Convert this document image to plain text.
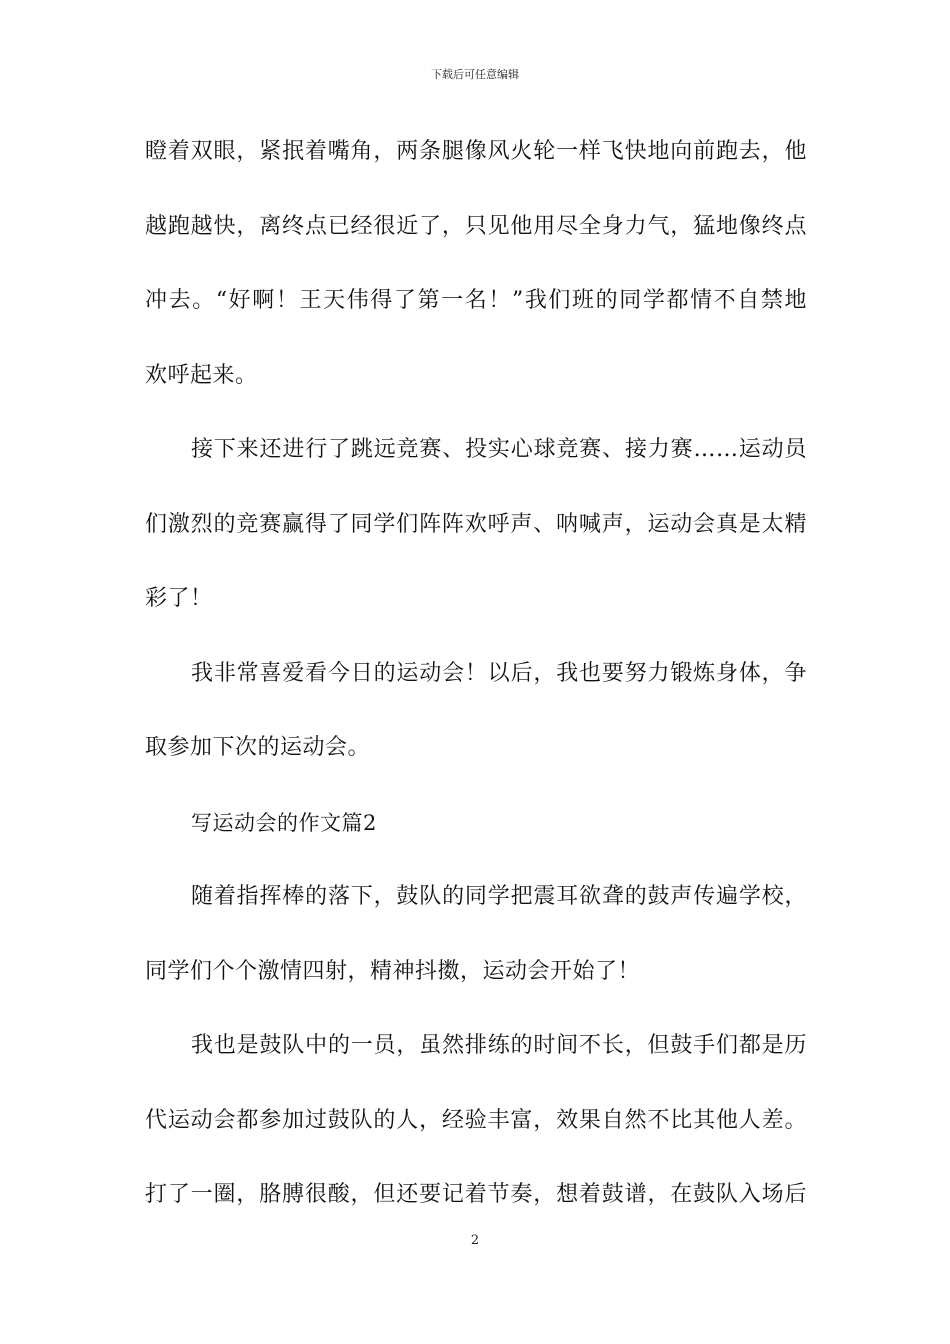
下载后可任意编辑
瞪着双眼，紧抿着嘴角，两条腿像风火轮一样飞快地向前跑去，他
越跑越快，离终点已经很近了，只见他用尽全身力气，猛地像终点
冲去。“好啊！王天伟得了第一名！”我们班的同学都情不自禁地
欢呼起来。
接下来还进行了跳远竞赛、投实心球竞赛、接力赛……运动员
们激烈的竞赛赢得了同学们阵阵欢呼声、呐喊声，运动会真是太精
彩了！
我非常喜爱看今日的运动会！以后，我也要努力锻炼身体，争
取参加下次的运动会。
写运动会的作文篇2
随着指挥棒的落下，鼓队的同学把震耳欲聋的鼓声传遍学校，
同学们个个激情四射，精神抖擞，运动会开始了！
我也是鼓队中的一员，虽然排练的时间不长，但鼓手们都是历
代运动会都参加过鼓队的人，经验丰富，效果自然不比其他人差。
打了一圈，胳膊很酸，但还要记着节奏，想着鼓谱，在鼓队入场后
2
